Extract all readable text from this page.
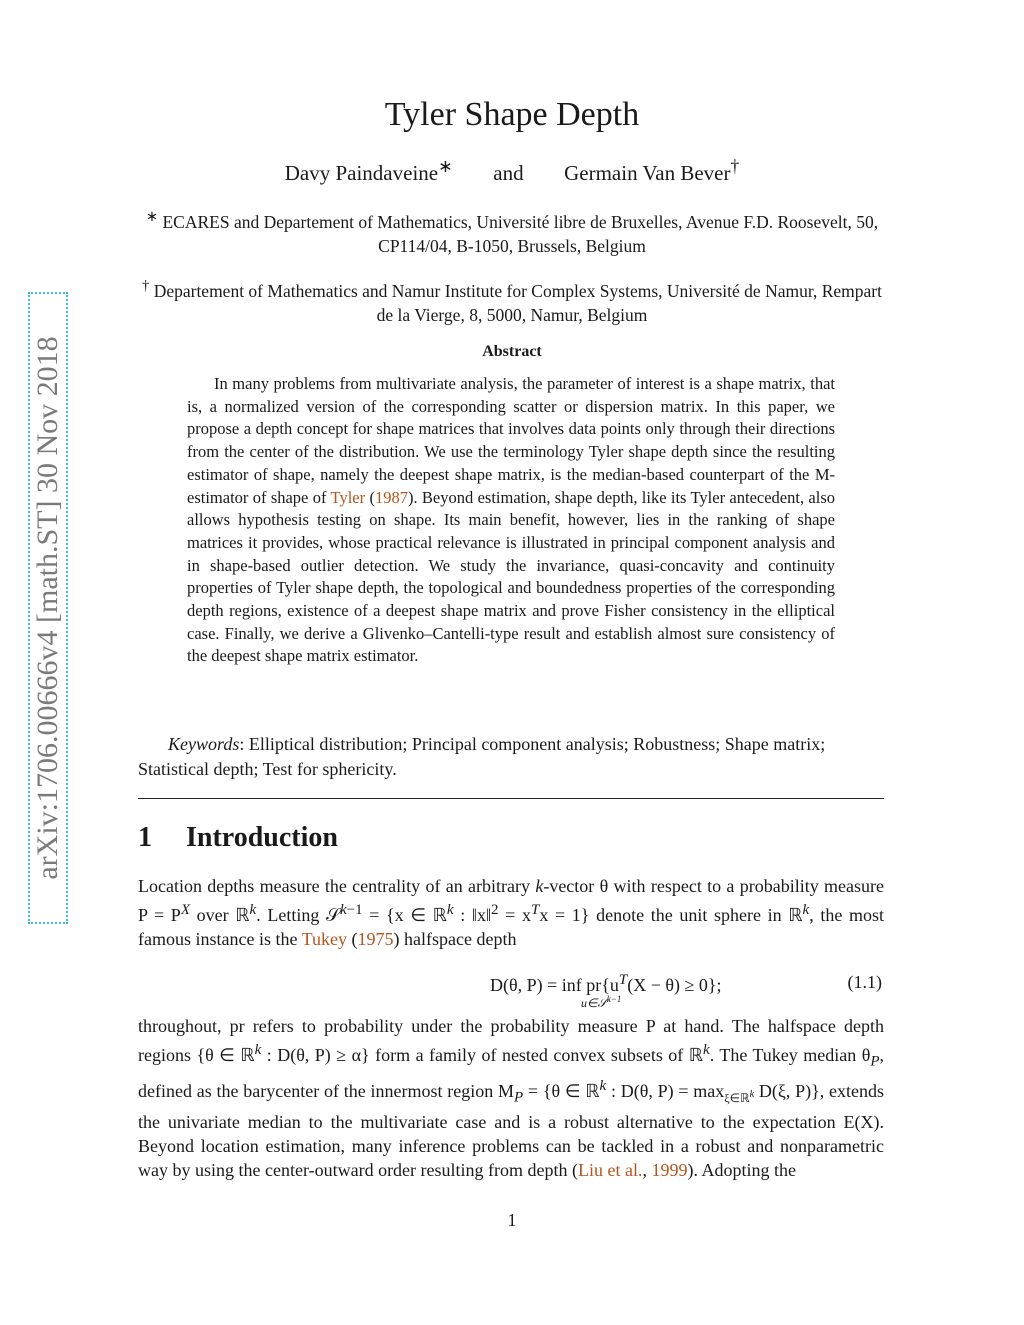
arXiv:1706.00666v4 [math.ST] 30 Nov 2018
Tyler Shape Depth
Davy Paindaveine∗ and Germain Van Bever†
∗ ECARES and Departement of Mathematics, Université libre de Bruxelles, Avenue F.D. Roosevelt, 50, CP114/04, B-1050, Brussels, Belgium
† Departement of Mathematics and Namur Institute for Complex Systems, Université de Namur, Rempart de la Vierge, 8, 5000, Namur, Belgium
Abstract
In many problems from multivariate analysis, the parameter of interest is a shape matrix, that is, a normalized version of the corresponding scatter or dispersion matrix. In this paper, we propose a depth concept for shape matrices that involves data points only through their directions from the center of the distribution. We use the terminology Tyler shape depth since the resulting estimator of shape, namely the deepest shape matrix, is the median-based counterpart of the M-estimator of shape of Tyler (1987). Beyond estimation, shape depth, like its Tyler antecedent, also allows hypothesis testing on shape. Its main benefit, however, lies in the ranking of shape matrices it provides, whose practical relevance is illustrated in principal component analysis and in shape-based outlier detection. We study the invariance, quasi-concavity and continuity properties of Tyler shape depth, the topological and boundedness properties of the corresponding depth regions, existence of a deepest shape matrix and prove Fisher consistency in the elliptical case. Finally, we derive a Glivenko–Cantelli-type result and establish almost sure consistency of the deepest shape matrix estimator.
Keywords: Elliptical distribution; Principal component analysis; Robustness; Shape matrix; Statistical depth; Test for sphericity.
1 Introduction
Location depths measure the centrality of an arbitrary k-vector θ with respect to a probability measure $P = P^X$ over ℝ$^k$. Letting 𝒮$^{k-1}$ = {x ∈ ℝ$^k$ : ‖x‖$^2$ = $x^Tx = 1$} denote the unit sphere in ℝ$^k$, the most famous instance is the Tukey (1975) halfspace depth
D(θ, P) = inf $pr\{u^T(X - \theta) \ge 0\}$;
u∈𝒮$^{k-1}$
(1.1)
throughout, pr refers to probability under the probability measure P at hand. The halfspace depth regions {θ ∈ ℝ$^k$ : D(θ, P) ≥ α} form a family of nested convex subsets of ℝ$^k$. The Tukey median $\theta_P$, defined as the barycenter of the innermost region $M_P = \{\theta$ ∈ ℝ$^k$ : D(θ, $P) = \max_{\xi\in ℝ^k} D(\xi$, P)}, extends the univariate median to the multivariate case and is a robust alternative to the expectation E(X). Beyond location estimation, many inference problems can be tackled in a robust and nonparametric way by using the center-outward order resulting from depth (Liu et al., 1999). Adopting the
1
